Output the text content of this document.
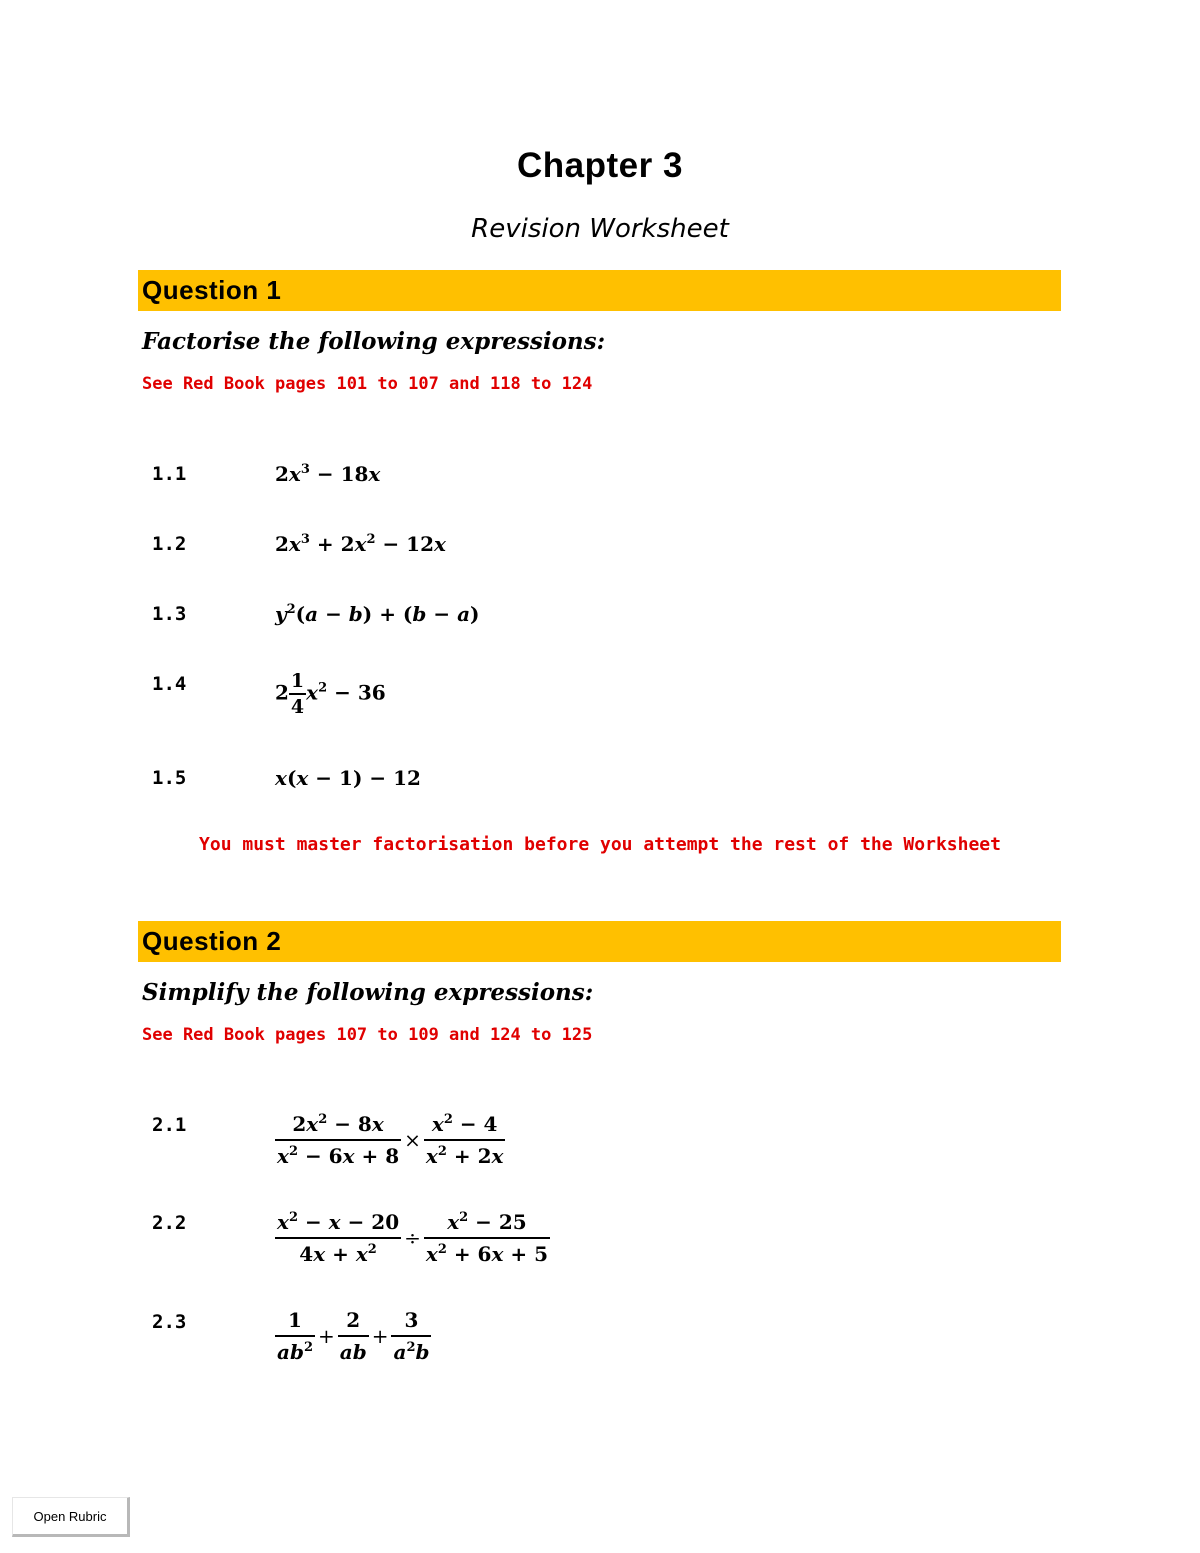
Chapter 3
Revision Worksheet
Question 1
Factorise the following expressions:
See Red Book pages 101 to 107 and 118 to 124
1.1	$2x^3 - 18x$
1.2	$2x^3 + 2x^2 - 12x$
1.3	$y^2(a - b) + (b - a)$
1.4	$2 \frac{1}{4} x^2 - 36$
1.5	x(x − 1) − 12
You must master factorisation before you attempt the rest of the Worksheet
Question 2
Simplify the following expressions:
See Red Book pages 107 to 109 and 124 to 125
2.1	$\frac{2x^2 - 8x}{x^2 - 6x + 8} \times \frac{x^2 - 4}{x^2 + 2x}$
2.2	$\frac{x^2 - x - 20}{4x + x^2} \div \frac{x^2 - 25}{x^2 + 6x + 5}$
2.3	$\frac{1}{ab^2} + \frac{2}{ab} + \frac{3}{a^2b}$
Open Rubric
